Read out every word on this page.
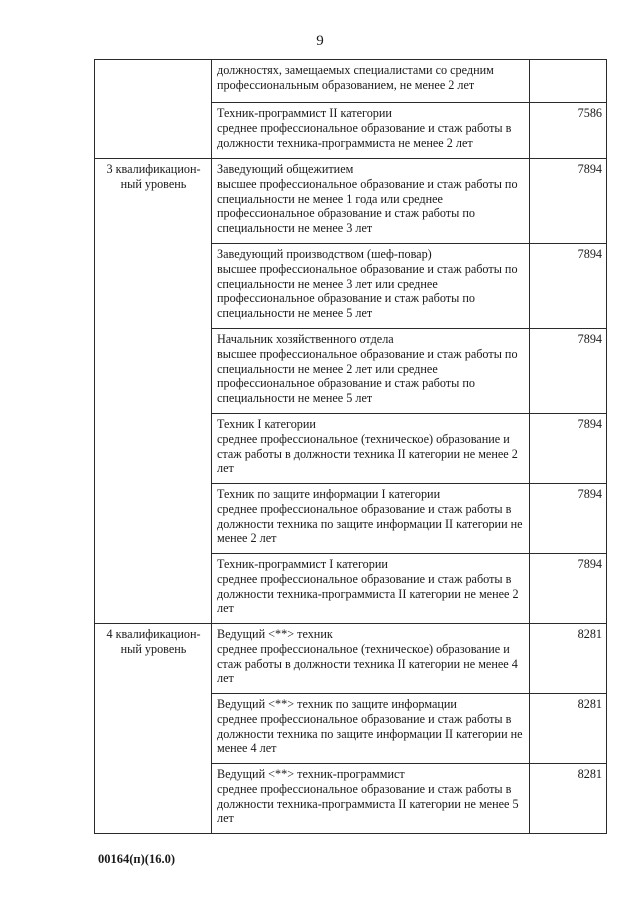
9

	должностях, замещаемых специалистами со средним профессиональным образованием, не менее 2 лет	

	Техник-программист II категории
среднее профессиональное образование и стаж работы в должности техника-программиста не менее 2 лет	7586
3 квалификацион-ный уровень	Заведующий общежитием
высшее профессиональное образование и стаж работы по специальности не менее 1 года или среднее профессиональное образование и стаж работы по специальности не менее 3 лет	7894

	Заведующий производством (шеф-повар)
высшее профессиональное образование и стаж работы по специальности не менее 3 лет или среднее профессиональное образование и стаж работы по специальности не менее 5 лет	7894

	Начальник хозяйственного отдела
высшее профессиональное образование и стаж работы по специальности не менее 2 лет или среднее профессиональное образование и стаж работы по специальности не менее 5 лет	7894

	Техник I категории
среднее профессиональное (техническое) образование и стаж работы в должности техника II категории не менее 2 лет	7894

	Техник по защите информации I категории
среднее профессиональное образование и стаж работы в должности техника по защите информации II категории не менее 2 лет	7894

	Техник-программист I категории
среднее профессиональное образование и стаж работы в должности техника-программиста II категории не менее 2 лет	7894
4 квалификацион-ный уровень	Ведущий <**> техник
среднее профессиональное (техническое) образование и стаж работы в должности техника II категории не менее 4 лет	8281

	Ведущий <**> техник по защите информации
среднее профессиональное образование и стаж работы в должности техника по защите информации II категории не менее 4 лет	8281

	Ведущий <**> техник-программист
среднее профессиональное образование и стаж работы в должности техника-программиста II категории не менее 5 лет	8281
00164(п)(16.0)
